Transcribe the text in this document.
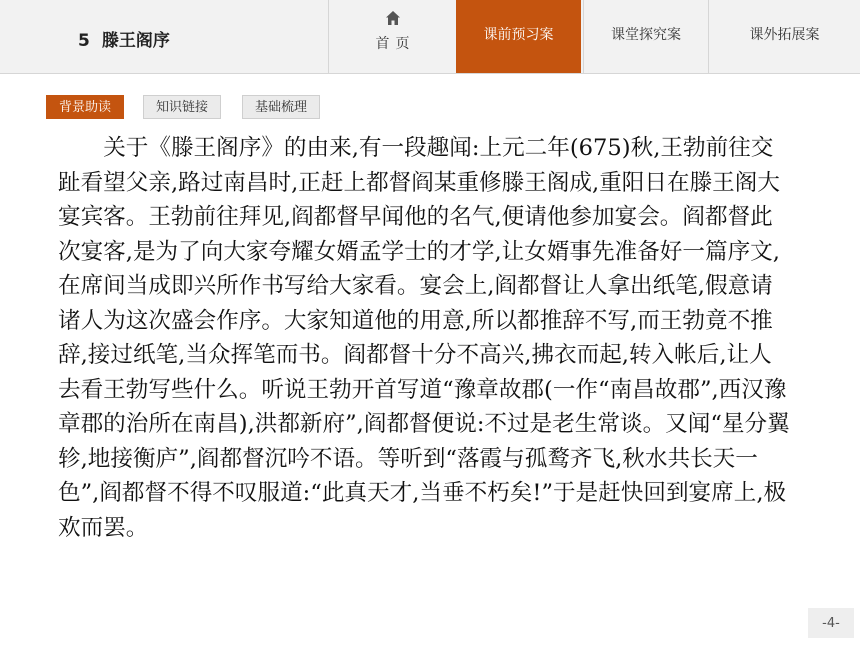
5 滕王阁序	首页
课前预习案	课堂探究案	课外拓展案
背景助读	知识链接	基础梳理

关于《滕王阁序》的由来,有一段趣闻:上元二年(675)秋,王勃前往交趾看望父亲,路过南昌时,正赶上都督阎某重修滕王阁成,重阳日在滕王阁大宴宾客。王勃前往拜见,阎都督早闻他的名气,便请他参加宴会。阎都督此次宴客,是为了向大家夸耀女婿孟学士的才学,让女婿事先准备好一篇序文,在席间当成即兴所作书写给大家看。宴会上,阎都督让人拿出纸笔,假意请诸人为这次盛会作序。大家知道他的用意,所以都推辞不写,而王勃竟不推辞,接过纸笔,当众挥笔而书。阎都督十分不高兴,拂衣而起,转入帐后,让人去看王勃写些什么。听说王勃开首写道“豫章故郡(一作“南昌故郡”,西汉豫章郡的治所在南昌),洪都新府”,阎都督便说:不过是老生常谈。又闻“星分翼轸,地接衡庐”,阎都督沉吟不语。等听到“落霞与孤鹜齐飞,秋水共长天一色”,阎都督不得不叹服道:“此真天才,当垂不朽矣!”于是赶快回到宴席上,极欢而罢。

-4-
